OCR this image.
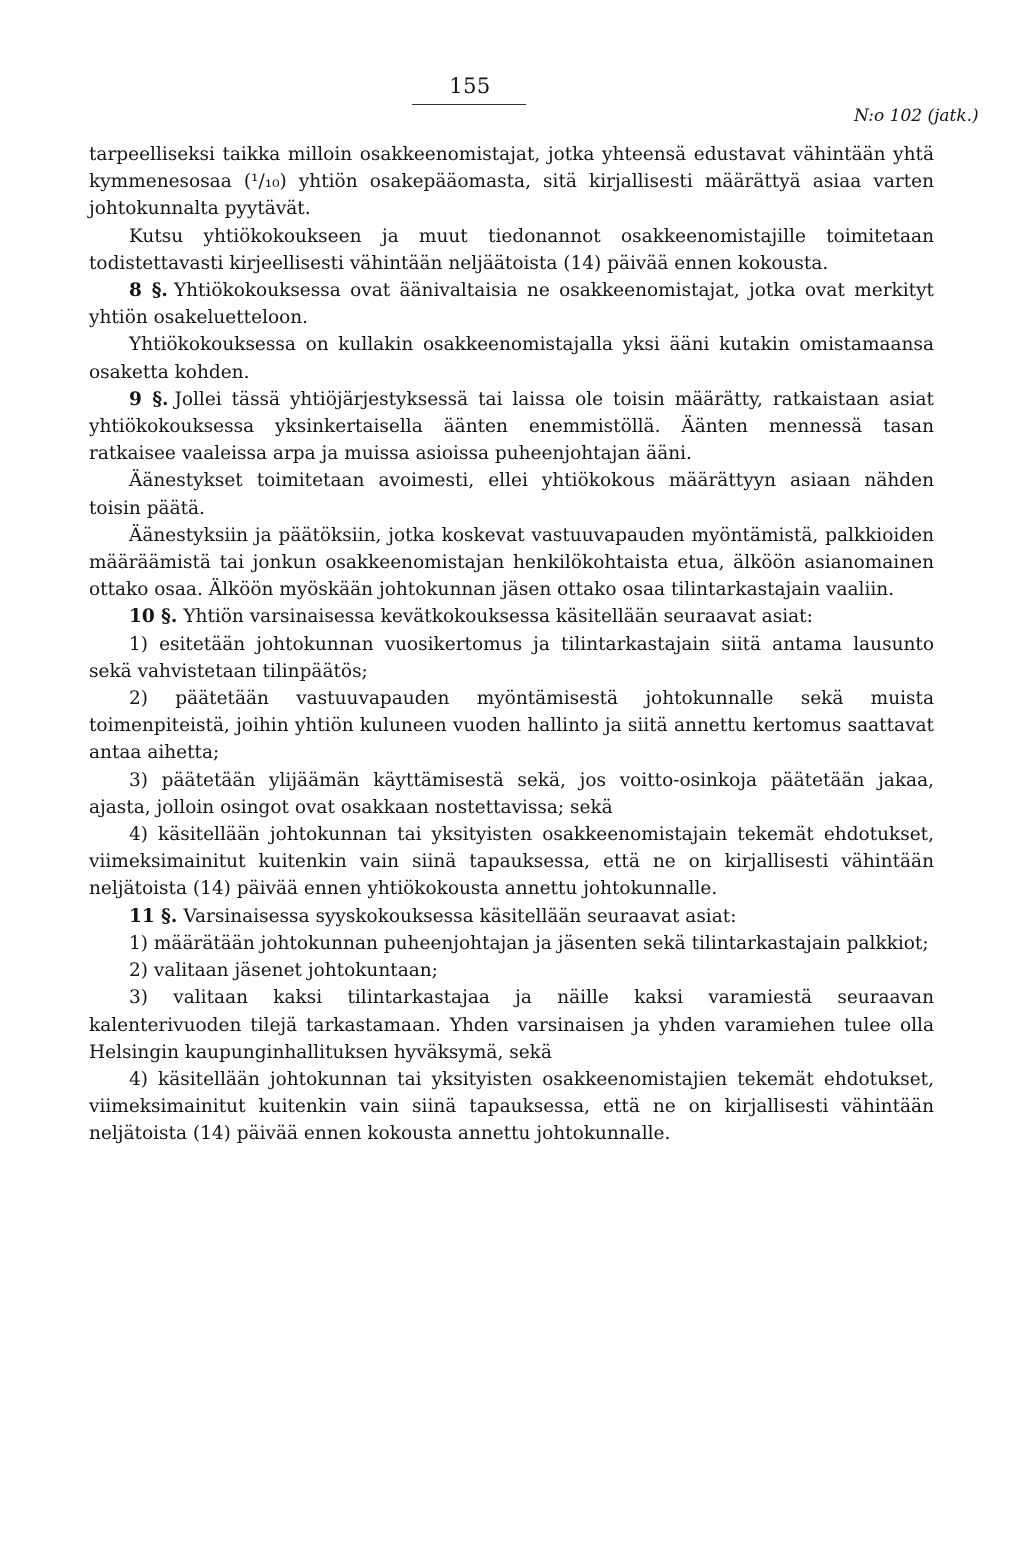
155
N:o 102 (jatk.)

tarpeelliseksi taikka milloin osakkeenomistajat, jotka yhteensä edustavat vähintään yhtä kymmenesosaa (¹/₁₀) yhtiön osakepääomasta, sitä kirjallisesti määrättyä asiaa varten johtokunnalta pyytävät.

Kutsu yhtiökokoukseen ja muut tiedonannot osakkeenomistajille toimitetaan todistettavasti kirjeellisesti vähintään neljäätoista (14) päivää ennen kokousta.

8 §. Yhtiökokouksessa ovat äänivaltaisia ne osakkeenomistajat, jotka ovat merkityt yhtiön osakeluetteloon.

Yhtiökokouksessa on kullakin osakkeenomistajalla yksi ääni kutakin omistamaansa osaketta kohden.

9 §. Jollei tässä yhtiöjärjestyksessä tai laissa ole toisin määrätty, ratkaistaan asiat yhtiökokouksessa yksinkertaisella äänten enemmistöllä. Äänten mennessä tasan ratkaisee vaaleissa arpa ja muissa asioissa puheenjohtajan ääni.

Äänestykset toimitetaan avoimesti, ellei yhtiökokous määrättyyn asiaan nähden toisin päätä.

Äänestyksiin ja päätöksiin, jotka koskevat vastuuvapauden myöntämistä, palkkioiden määräämistä tai jonkun osakkeenomistajan henkilökohtaista etua, älköön asianomainen ottako osaa. Älköön myöskään johtokunnan jäsen ottako osaa tilintarkastajain vaaliin.

10 §. Yhtiön varsinaisessa kevätkokouksessa käsitellään seuraavat asiat:

1) esitetään johtokunnan vuosikertomus ja tilintarkastajain siitä antama lausunto sekä vahvistetaan tilinpäätös;

2) päätetään vastuuvapauden myöntämisestä johtokunnalle sekä muista toimenpiteistä, joihin yhtiön kuluneen vuoden hallinto ja siitä annettu kertomus saattavat antaa aihetta;

3) päätetään ylijäämän käyttämisestä sekä, jos voitto-osinkoja päätetään jakaa, ajasta, jolloin osingot ovat osakkaan nostettavissa; sekä

4) käsitellään johtokunnan tai yksityisten osakkeenomistajain tekemät ehdotukset, viimeksimainitut kuitenkin vain siinä tapauksessa, että ne on kirjallisesti vähintään neljätoista (14) päivää ennen yhtiökokousta annettu johtokunnalle.

11 §. Varsinaisessa syyskokouksessa käsitellään seuraavat asiat:

1) määrätään johtokunnan puheenjohtajan ja jäsenten sekä tilintarkastajain palkkiot;

2) valitaan jäsenet johtokuntaan;

3) valitaan kaksi tilintarkastajaa ja näille kaksi varamiestä seuraavan kalenterivuoden tilejä tarkastamaan. Yhden varsinaisen ja yhden varamiehen tulee olla Helsingin kaupunginhallituksen hyväksymä, sekä

4) käsitellään johtokunnan tai yksityisten osakkeenomistajien tekemät ehdotukset, viimeksimainitut kuitenkin vain siinä tapauksessa, että ne on kirjallisesti vähintään neljätoista (14) päivää ennen kokousta annettu johtokunnalle.
